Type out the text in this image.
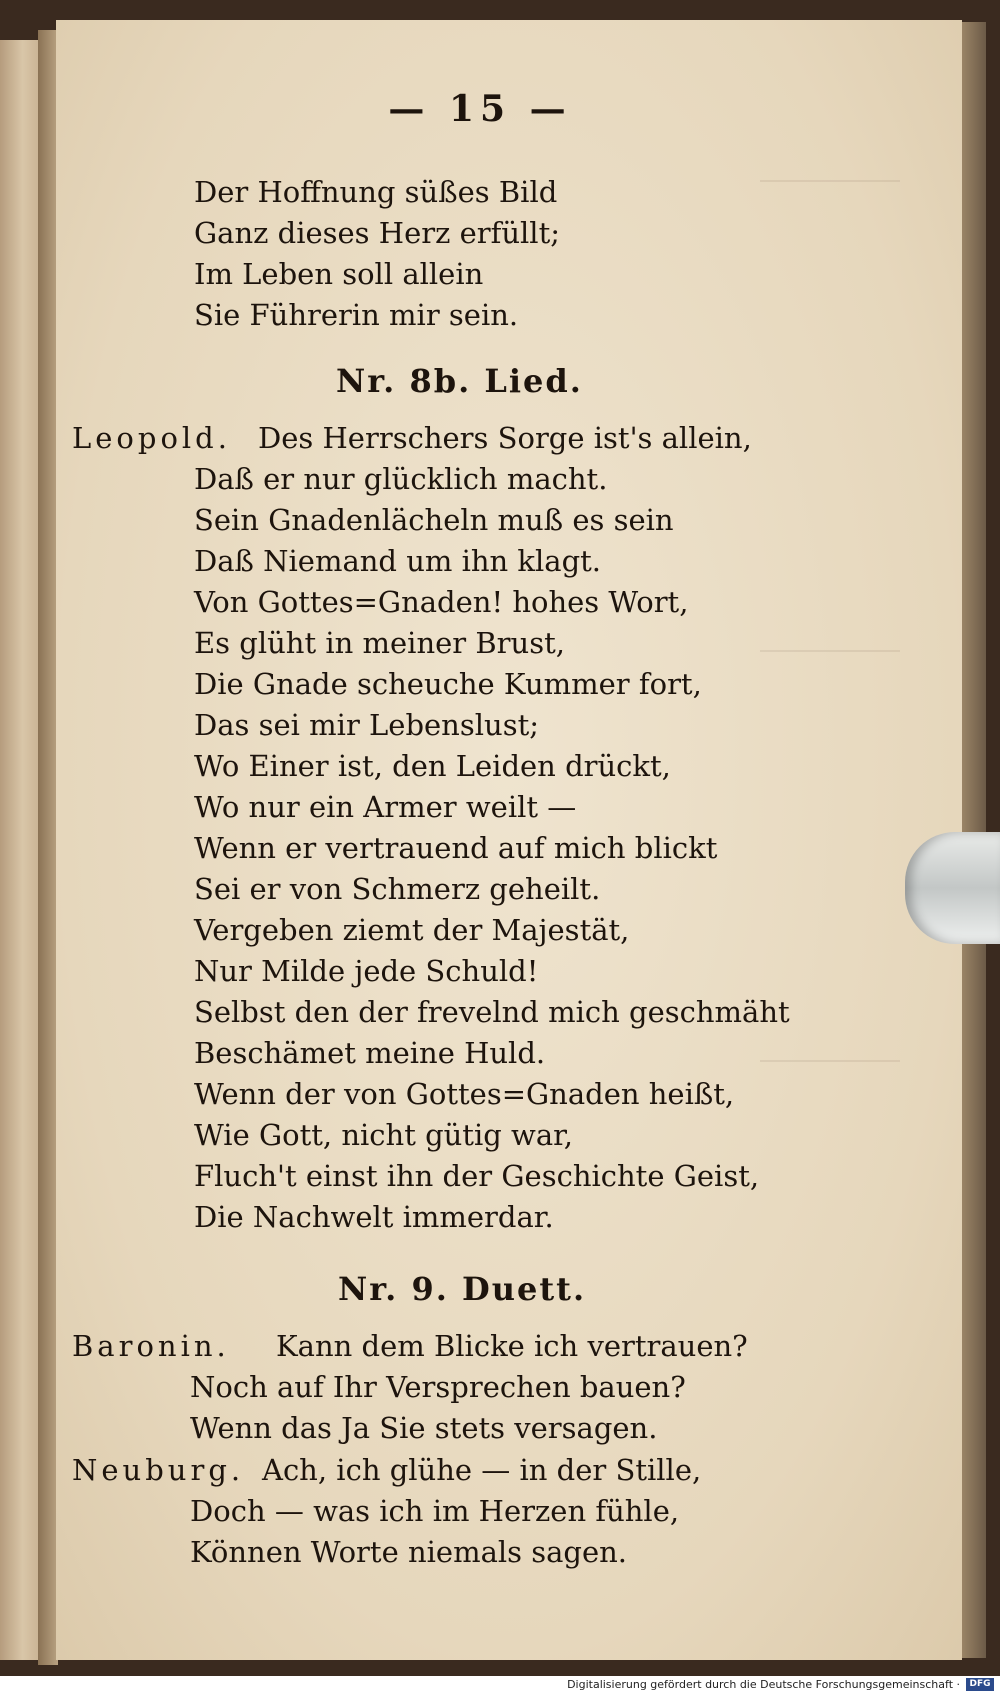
— 15 —
Der Hoffnung süßes Bild
Ganz dieses Herz erfüllt;
Im Leben soll allein
Sie Führerin mir sein.
Nr. 8b. Lied.
Leopold. Des Herrschers Sorge ist's allein,
Daß er nur glücklich macht.
Sein Gnadenlächeln muß es sein
Daß Niemand um ihn klagt.
Von Gottes=Gnaden! hohes Wort,
Es glüht in meiner Brust,
Die Gnade scheuche Kummer fort,
Das sei mir Lebenslust;
Wo Einer ist, den Leiden drückt,
Wo nur ein Armer weilt —
Wenn er vertrauend auf mich blickt
Sei er von Schmerz geheilt.
Vergeben ziemt der Majestät,
Nur Milde jede Schuld!
Selbst den der frevelnd mich geschmäht
Beschämet meine Huld.
Wenn der von Gottes=Gnaden heißt,
Wie Gott, nicht gütig war,
Fluch't einst ihn der Geschichte Geist,
Die Nachwelt immerdar.
Nr. 9. Duett.
Baronin. Kann dem Blicke ich vertrauen?
Noch auf Ihr Versprechen bauen?
Wenn das Ja Sie stets versagen.
Neuburg. Ach, ich glühe — in der Stille,
Doch — was ich im Herzen fühle,
Können Worte niemals sagen.
Digitalisierung gefördert durch die Deutsche Forschungsgemeinschaft ·	DFG
